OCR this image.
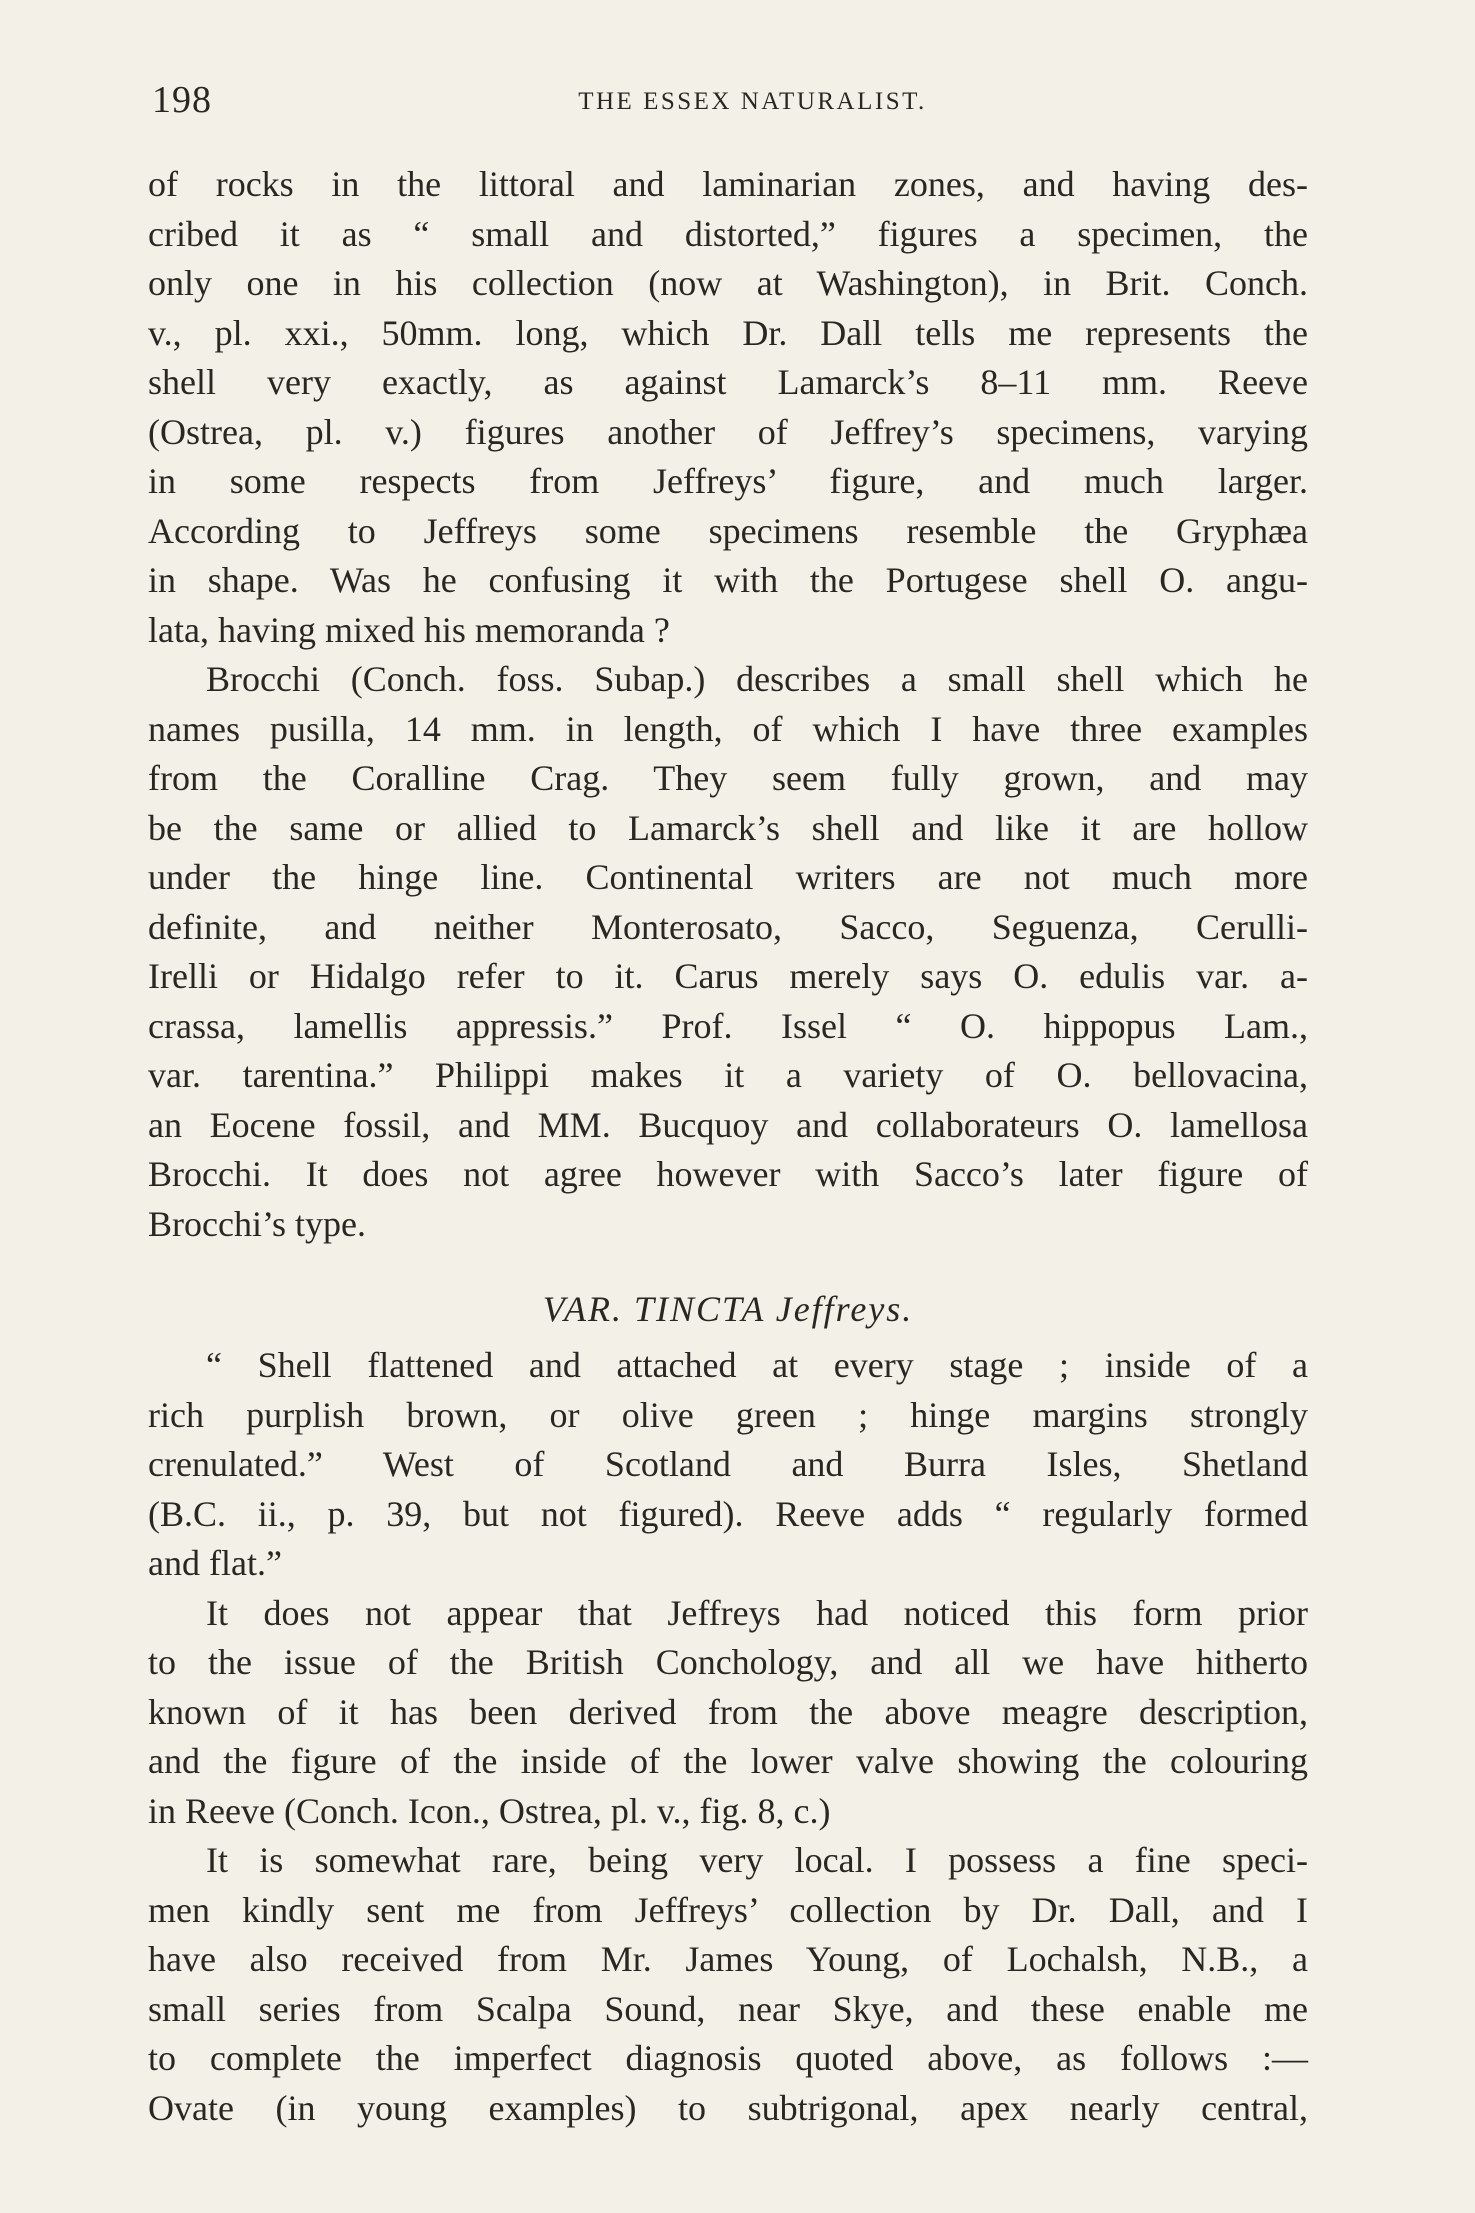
198	THE ESSEX NATURALIST.
of rocks in the littoral and laminarian zones, and having des-
cribed it as “ small and distorted,” figures a specimen, the
only one in his collection (now at Washington), in Brit. Conch.
v., pl. xxi., 50mm. long, which Dr. Dall tells me represents the
shell very exactly, as against Lamarck’s 8–11 mm. Reeve
(Ostrea, pl. v.) figures another of Jeffrey’s specimens, varying
in some respects from Jeffreys’ figure, and much larger.
According to Jeffreys some specimens resemble the Gryphæa
in shape. Was he confusing it with the Portugese shell O. angu-
lata, having mixed his memoranda ?
Brocchi (Conch. foss. Subap.) describes a small shell which he
names pusilla, 14 mm. in length, of which I have three examples
from the Coralline Crag. They seem fully grown, and may
be the same or allied to Lamarck’s shell and like it are hollow
under the hinge line. Continental writers are not much more
definite, and neither Monterosato, Sacco, Seguenza, Cerulli-
Irelli or Hidalgo refer to it. Carus merely says O. edulis var. a-
crassa, lamellis appressis.” Prof. Issel “ O. hippopus Lam.,
var. tarentina.” Philippi makes it a variety of O. bellovacina,
an Eocene fossil, and MM. Bucquoy and collaborateurs O. lamellosa
Brocchi. It does not agree however with Sacco’s later figure of
Brocchi’s type.
VAR. TINCTA Jeffreys.
“ Shell flattened and attached at every stage ; inside of a
rich purplish brown, or olive green ; hinge margins strongly
crenulated.” West of Scotland and Burra Isles, Shetland
(B.C. ii., p. 39, but not figured). Reeve adds “ regularly formed
and flat.”
It does not appear that Jeffreys had noticed this form prior
to the issue of the British Conchology, and all we have hitherto
known of it has been derived from the above meagre description,
and the figure of the inside of the lower valve showing the colouring
in Reeve (Conch. Icon., Ostrea, pl. v., fig. 8, c.)
It is somewhat rare, being very local. I possess a fine speci-
men kindly sent me from Jeffreys’ collection by Dr. Dall, and I
have also received from Mr. James Young, of Lochalsh, N.B., a
small series from Scalpa Sound, near Skye, and these enable me
to complete the imperfect diagnosis quoted above, as follows :—
Ovate (in young examples) to subtrigonal, apex nearly central,
